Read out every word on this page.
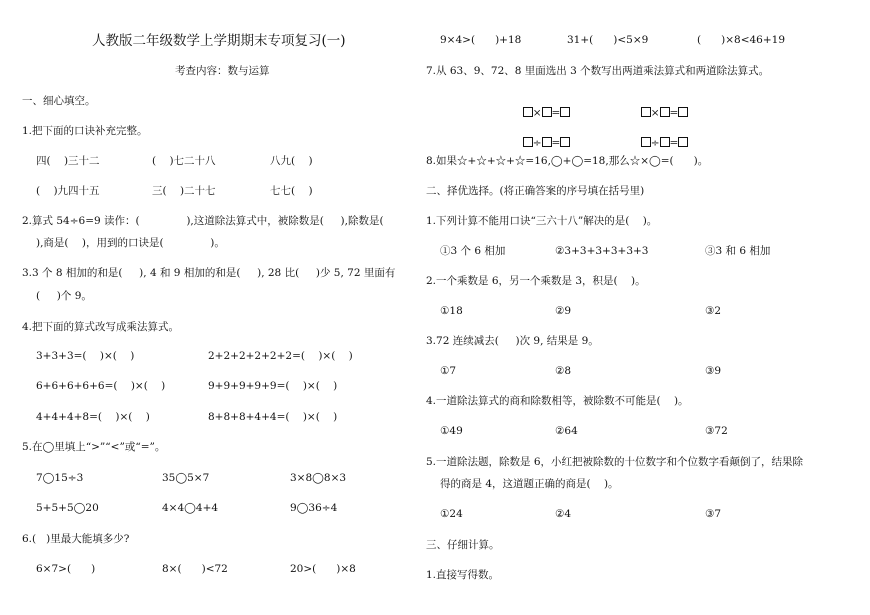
人教版二年级数学上学期期末专项复习(一)
考查内容：数与运算
一、细心填空。
1.把下面的口诀补充完整。
四(    )三十二	(    )七二十八	八九(    )
(    )九四十五	三(    )二十七	七七(    )
2.算式 54÷6=9 读作：(              ),这道除法算式中，被除数是(     ),除数是(
),商是(    )，用到的口诀是(              )。
3.3 个 8 相加的和是(     ), 4 和 9 相加的和是(     ), 28 比(     )少 5, 72 里面有
(     )个 9。
4.把下面的算式改写成乘法算式。
3+3+3=(    )×(    )	2+2+2+2+2+2=(    )×(    )
6+6+6+6+6=(    )×(    )	9+9+9+9+9=(    )×(    )
4+4+4+8=(    )×(    )	8+8+8+4+4=(    )×(    )
5.在◯里填上“>”“<”或“=”。
7◯15÷3	35◯5×7	3×8◯8×3
5+5+5◯20	4×4◯4+4	9◯36÷4
6.(   )里最大能填多少?
6×7>(      )	8×(      )<72	20>(      )×8
9×4>(      )+18	31+(      )<5×9	(      )×8<46+19
7.从 63、9、72、8 里面选出 3 个数写出两道乘法算式和两道除法算式。

× =	× =

÷ =	÷ =

8.如果☆+☆+☆+☆=16,◯+◯=18,那么☆×◯=(      )。
二、择优选择。(将正确答案的序号填在括号里)
1.下列计算不能用口诀“三六十八”解决的是(    )。
①3 个 6 相加	②3+3+3+3+3+3	③3 和 6 相加
2.一个乘数是 6，另一个乘数是 3，积是(    )。
①18	②9	③2
3.72 连续减去(     )次 9, 结果是 9。
①7	②8	③9
4.一道除法算式的商和除数相等，被除数不可能是(    )。
①49	②64	③72
5.一道除法题，除数是 6，小红把被除数的十位数字和个位数字看颠倒了，结果除
得的商是 4，这道题正确的商是(    )。
①24	②4	③7
三、仔细计算。
1.直接写得数。
